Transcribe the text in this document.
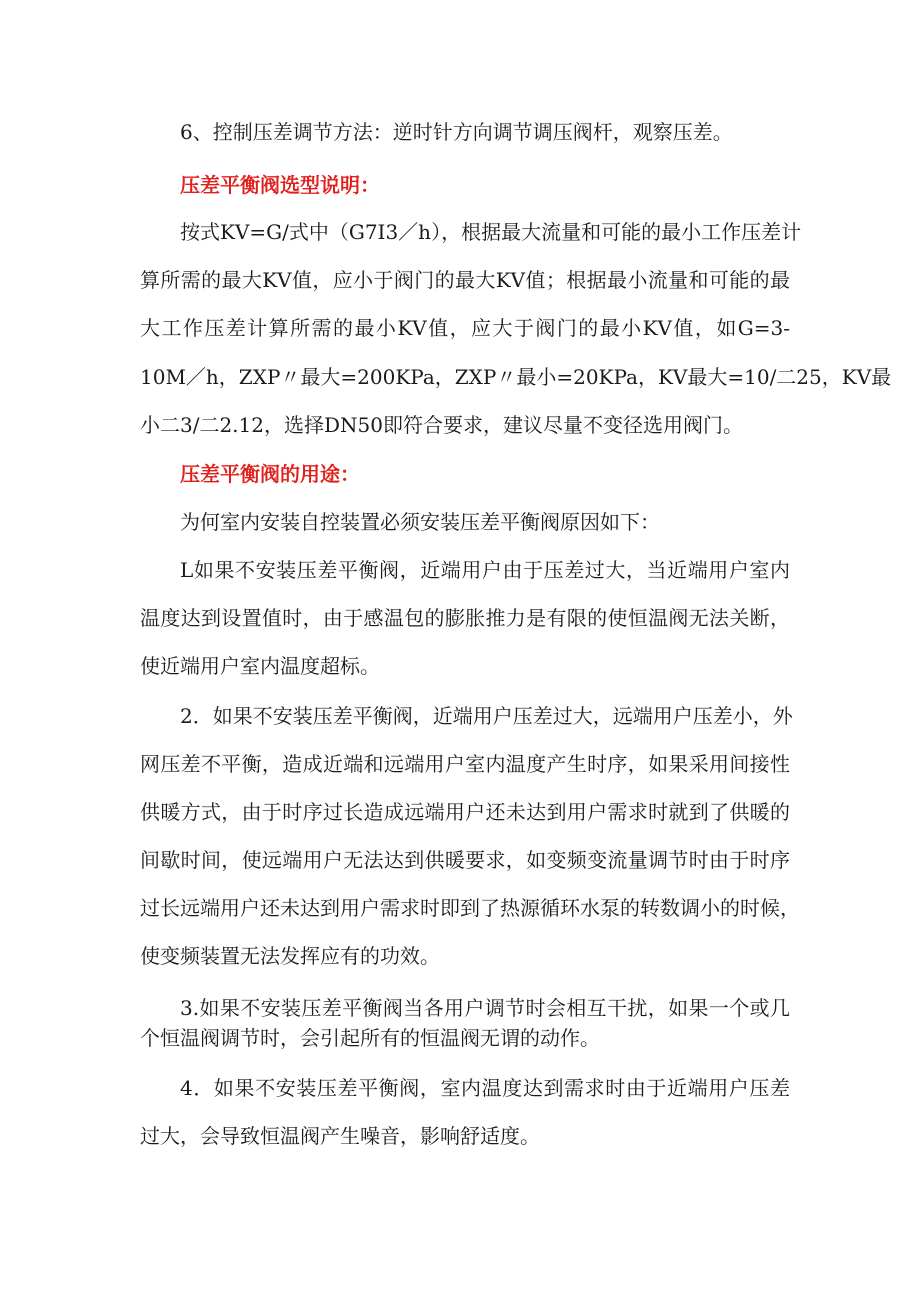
6、控制压差调节方法：逆时针方向调节调压阀杆，观察压差。
压差平衡阀选型说明：
按式KV=G/式中（G7I3／h），根据最大流量和可能的最小工作压差计
算所需的最大KV值，应小于阀门的最大KV值；根据最小流量和可能的最
大工作压差计算所需的最小KV值，应大于阀门的最小KV值，如G=3-
10M／h，ZXP〃最大=200KPa，ZXP〃最小=20KPa，KV最大=10/二25，KV最
小二3/二2.12，选择DN50即符合要求，建议尽量不变径选用阀门。
压差平衡阀的用途：
为何室内安装自控装置必须安装压差平衡阀原因如下：
L如果不安装压差平衡阀，近端用户由于压差过大，当近端用户室内
温度达到设置值时，由于感温包的膨胀推力是有限的使恒温阀无法关断，
使近端用户室内温度超标。
2．如果不安装压差平衡阀，近端用户压差过大，远端用户压差小，外
网压差不平衡，造成近端和远端用户室内温度产生时序，如果采用间接性
供暖方式，由于时序过长造成远端用户还未达到用户需求时就到了供暖的
间歇时间，使远端用户无法达到供暖要求，如变频变流量调节时由于时序
过长远端用户还未达到用户需求时即到了热源循环水泵的转数调小的时候，
使变频装置无法发挥应有的功效。
3.如果不安装压差平衡阀当各用户调节时会相互干扰，如果一个或几
个恒温阀调节时，会引起所有的恒温阀无谓的动作。
4．如果不安装压差平衡阀，室内温度达到需求时由于近端用户压差
过大，会导致恒温阀产生噪音，影响舒适度。
